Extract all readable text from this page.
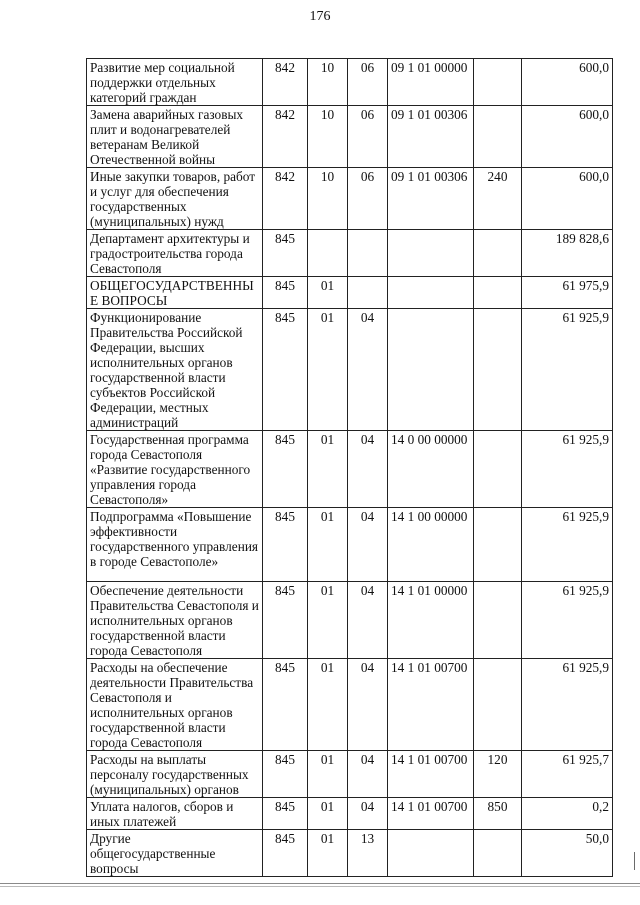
176
Развитие мер социальной поддержки отдельных категорий граждан	842	10	06	09 1 01 00000		600,0
Замена аварийных газовых плит и водонагревателей ветеранам Великой Отечественной войны	842	10	06	09 1 01 00306		600,0
Иные закупки товаров, работ и услуг для обеспечения государственных (муниципальных) нужд	842	10	06	09 1 01 00306	240	600,0
Департамент архитектуры и градостроительства города Севастополя	845					189 828,6
ОБЩЕГОСУДАРСТВЕННЫ Е ВОПРОСЫ	845	01				61 975,9
Функционирование Правительства Российской Федерации, высших исполнительных органов государственной власти субъектов Российской Федерации, местных администраций	845	01	04			61 925,9
Государственная программа города Севастополя «Развитие государственного управления города Севастополя»	845	01	04	14 0 00 00000		61 925,9
Подпрограмма «Повышение эффективности государственного управления в городе Севастополе»	845	01	04	14 1 00 00000		61 925,9
Обеспечение деятельности Правительства Севастополя и исполнительных органов государственной власти города Севастополя	845	01	04	14 1 01 00000		61 925,9
Расходы на обеспечение деятельности Правительства Севастополя и исполнительных органов государственной власти города Севастополя	845	01	04	14 1 01 00700		61 925,9
Расходы на выплаты персоналу государственных (муниципальных) органов	845	01	04	14 1 01 00700	120	61 925,7
Уплата налогов, сборов и иных платежей	845	01	04	14 1 01 00700	850	0,2
Другие общегосударственные вопросы	845	01	13			50,0
